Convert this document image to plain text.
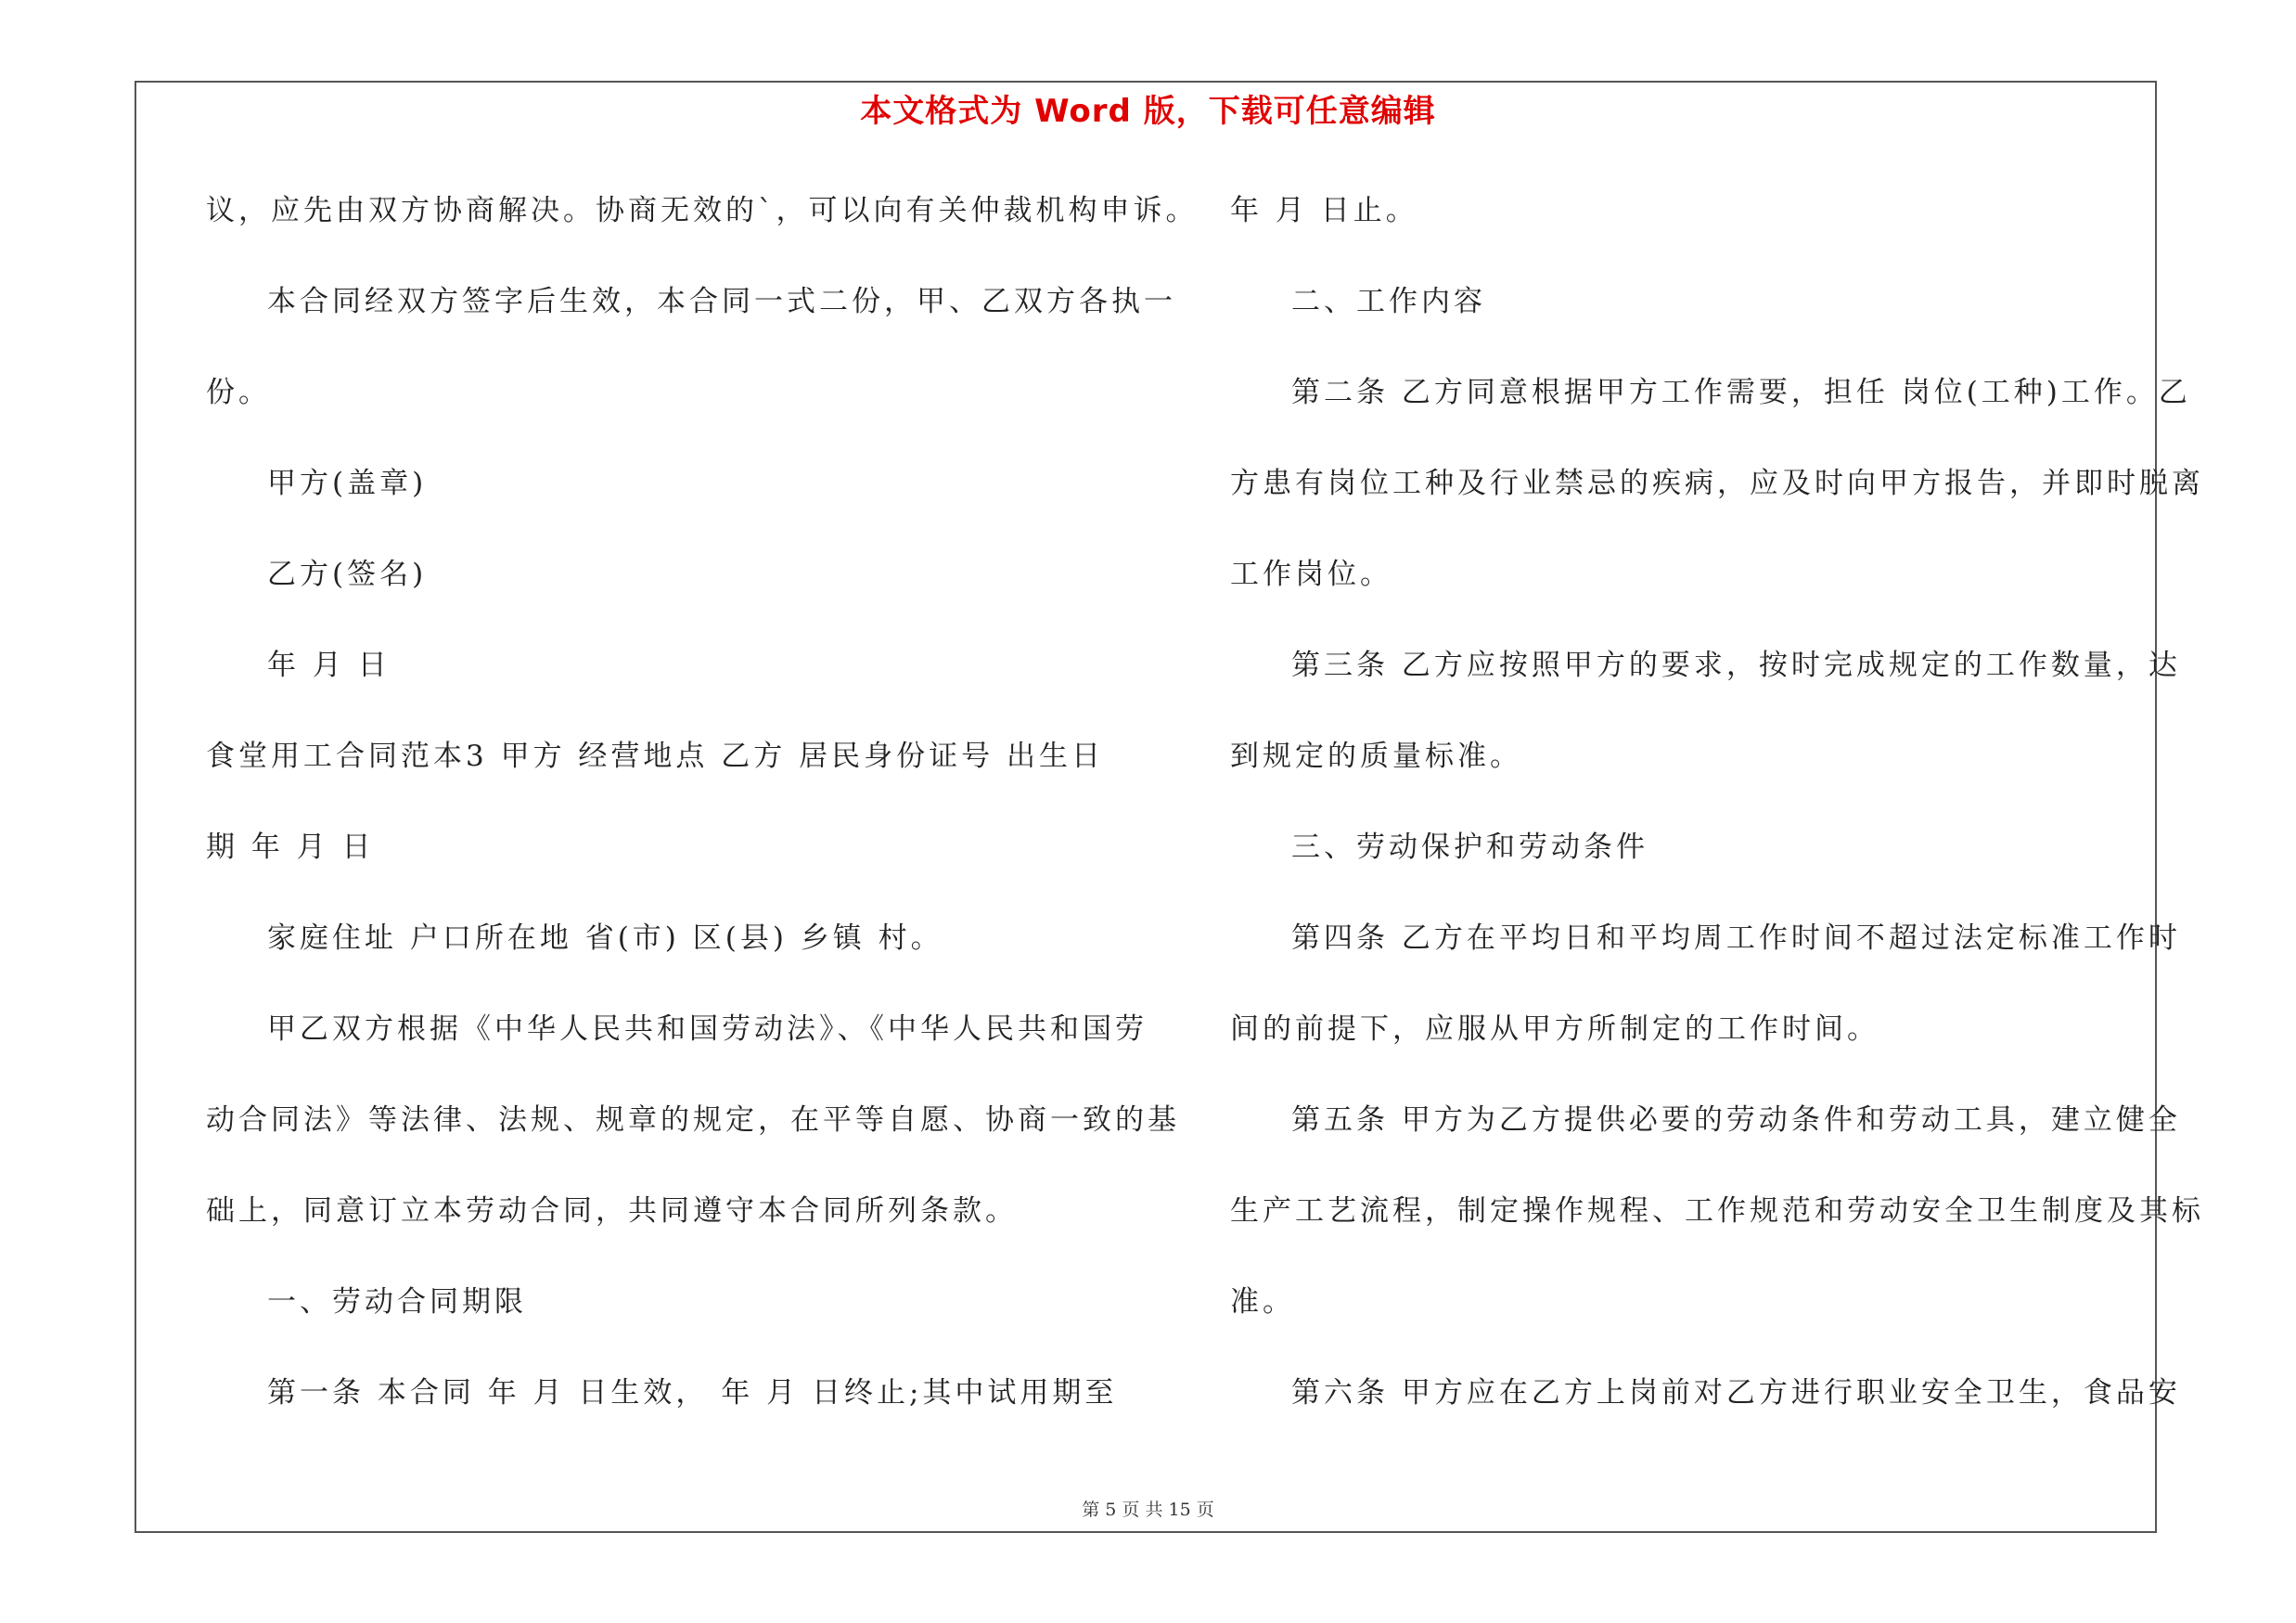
本文格式为 Word 版，下载可任意编辑
议，应先由双方协商解决。协商无效的`，可以向有关仲裁机构申诉。
本合同经双方签字后生效，本合同一式二份，甲、乙双方各执一
份。
甲方(盖章)
乙方(签名)
年 月 日
食堂用工合同范本3 甲方 经营地点 乙方 居民身份证号 出生日
期 年 月 日
家庭住址 户口所在地 省(市) 区(县) 乡镇 村。
甲乙双方根据《中华人民共和国劳动法》、《中华人民共和国劳
动合同法》等法律、法规、规章的规定，在平等自愿、协商一致的基
础上，同意订立本劳动合同，共同遵守本合同所列条款。
一、劳动合同期限
第一条 本合同 年 月 日生效， 年 月 日终止;其中试用期至
年 月 日止。
二、工作内容
第二条 乙方同意根据甲方工作需要，担任 岗位(工种)工作。乙
方患有岗位工种及行业禁忌的疾病，应及时向甲方报告，并即时脱离
工作岗位。
第三条 乙方应按照甲方的要求，按时完成规定的工作数量，达
到规定的质量标准。
三、劳动保护和劳动条件
第四条 乙方在平均日和平均周工作时间不超过法定标准工作时
间的前提下，应服从甲方所制定的工作时间。
第五条 甲方为乙方提供必要的劳动条件和劳动工具，建立健全
生产工艺流程，制定操作规程、工作规范和劳动安全卫生制度及其标
准。
第六条 甲方应在乙方上岗前对乙方进行职业安全卫生，食品安
第 5 页 共 15 页
